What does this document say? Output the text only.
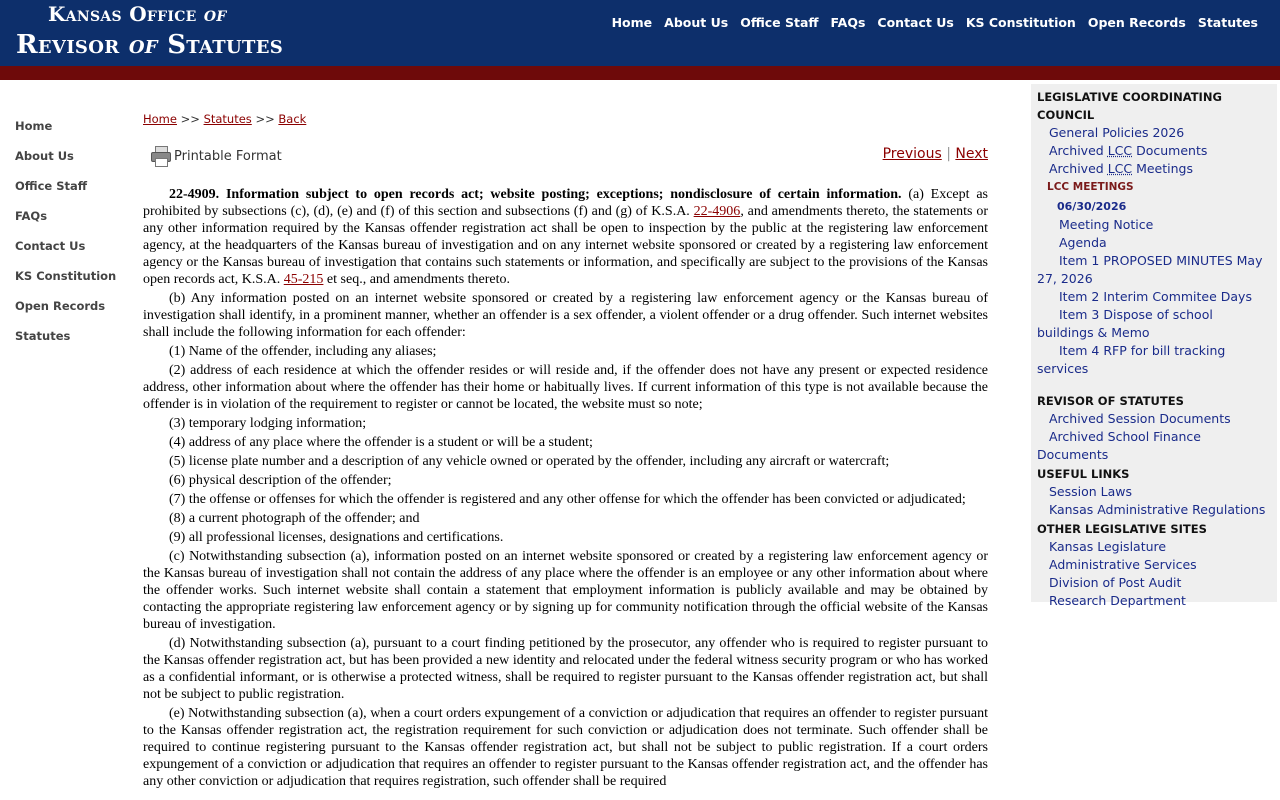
Kansas Office of
Revisor of Statutes
Home About Us Office Staff FAQs Contact Us KS Constitution Open Records Statutes
Home
About Us
Office Staff
FAQs
Contact Us
KS Constitution
Open Records
Statutes
Home >> Statutes >> Back
Printable Format	Previous | Next

22-4909. Information subject to open records act; website posting; exceptions; nondisclosure of certain information. (a) Except as prohibited by subsections (c), (d), (e) and (f) of this section and subsections (f) and (g) of K.S.A. 22-4906, and amendments thereto, the statements or any other information required by the Kansas offender registration act shall be open to inspection by the public at the registering law enforcement agency, at the headquarters of the Kansas bureau of investigation and on any internet website sponsored or created by a registering law enforcement agency or the Kansas bureau of investigation that contains such statements or information, and specifically are subject to the provisions of the Kansas open records act, K.S.A. 45-215 et seq., and amendments thereto.

(b) Any information posted on an internet website sponsored or created by a registering law enforcement agency or the Kansas bureau of investigation shall identify, in a prominent manner, whether an offender is a sex offender, a violent offender or a drug offender. Such internet websites shall include the following information for each offender:

(1) Name of the offender, including any aliases;

(2) address of each residence at which the offender resides or will reside and, if the offender does not have any present or expected residence address, other information about where the offender has their home or habitually lives. If current information of this type is not available because the offender is in violation of the requirement to register or cannot be located, the website must so note;

(3) temporary lodging information;

(4) address of any place where the offender is a student or will be a student;

(5) license plate number and a description of any vehicle owned or operated by the offender, including any aircraft or watercraft;

(6) physical description of the offender;

(7) the offense or offenses for which the offender is registered and any other offense for which the offender has been convicted or adjudicated;

(8) a current photograph of the offender; and

(9) all professional licenses, designations and certifications.

(c) Notwithstanding subsection (a), information posted on an internet website sponsored or created by a registering law enforcement agency or the Kansas bureau of investigation shall not contain the address of any place where the offender is an employee or any other information about where the offender works. Such internet website shall contain a statement that employment information is publicly available and may be obtained by contacting the appropriate registering law enforcement agency or by signing up for community notification through the official website of the Kansas bureau of investigation.

(d) Notwithstanding subsection (a), pursuant to a court finding petitioned by the prosecutor, any offender who is required to register pursuant to the Kansas offender registration act, but has been provided a new identity and relocated under the federal witness security program or who has worked as a confidential informant, or is otherwise a protected witness, shall be required to register pursuant to the Kansas offender registration act, but shall not be subject to public registration.

(e) Notwithstanding subsection (a), when a court orders expungement of a conviction or adjudication that requires an offender to register pursuant to the Kansas offender registration act, the registration requirement for such conviction or adjudication does not terminate. Such offender shall be required to continue registering pursuant to the Kansas offender registration act, but shall not be subject to public registration. If a court orders expungement of a conviction or adjudication that requires an offender to register pursuant to the Kansas offender registration act, and the offender has any other conviction or adjudication that requires registration, such offender shall be required

LEGISLATIVE COORDINATING COUNCIL
General Policies 2026
Archived LCC Documents
Archived LCC Meetings
LCC MEETINGS
06/30/2026
Meeting Notice
Agenda
Item 1 PROPOSED MINUTES May 27, 2026
Item 2 Interim Commitee Days
Item 3 Dispose of school buildings & Memo
Item 4 RFP for bill tracking services
REVISOR OF STATUTES
Archived Session Documents
Archived School Finance Documents
USEFUL LINKS
Session Laws
Kansas Administrative Regulations
OTHER LEGISLATIVE SITES
Kansas Legislature
Administrative Services
Division of Post Audit
Research Department
